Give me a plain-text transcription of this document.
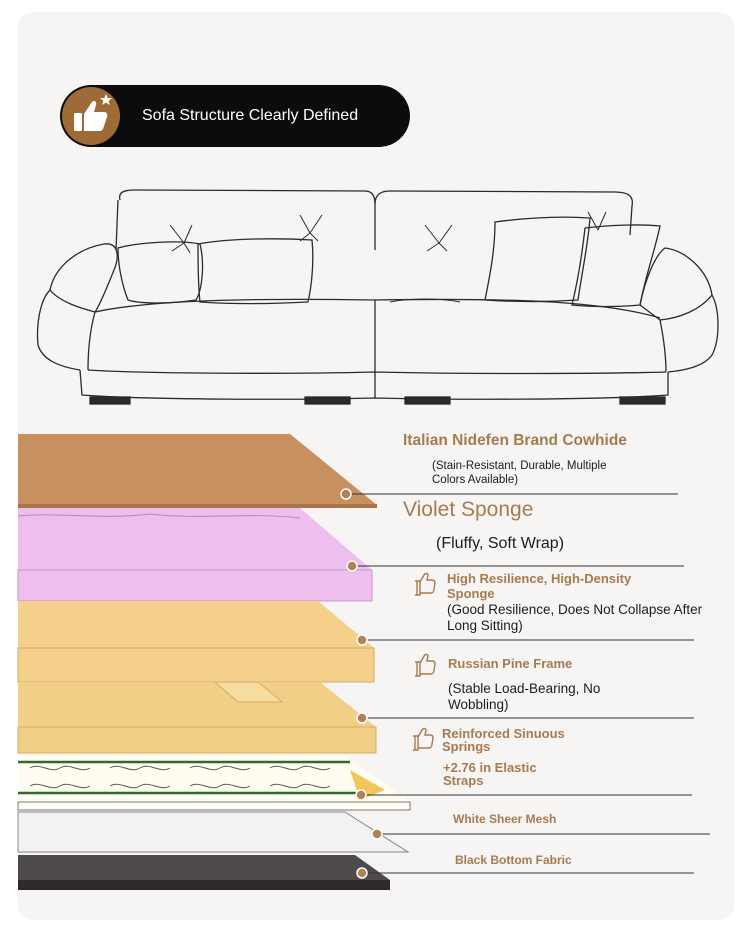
Sofa Structure Clearly Defined
Italian Nidefen Brand Cowhide
(Stain-Resistant, Durable, Multiple Colors Available)
Violet Sponge
(Fluffy, Soft Wrap)
High Resilience, High-Density Sponge
(Good Resilience, Does Not Collapse After Long Sitting)
Russian Pine Frame
(Stable Load-Bearing, No Wobbling)
Reinforced Sinuous Springs
+2.76 in Elastic Straps
White Sheer Mesh
Black Bottom Fabric
